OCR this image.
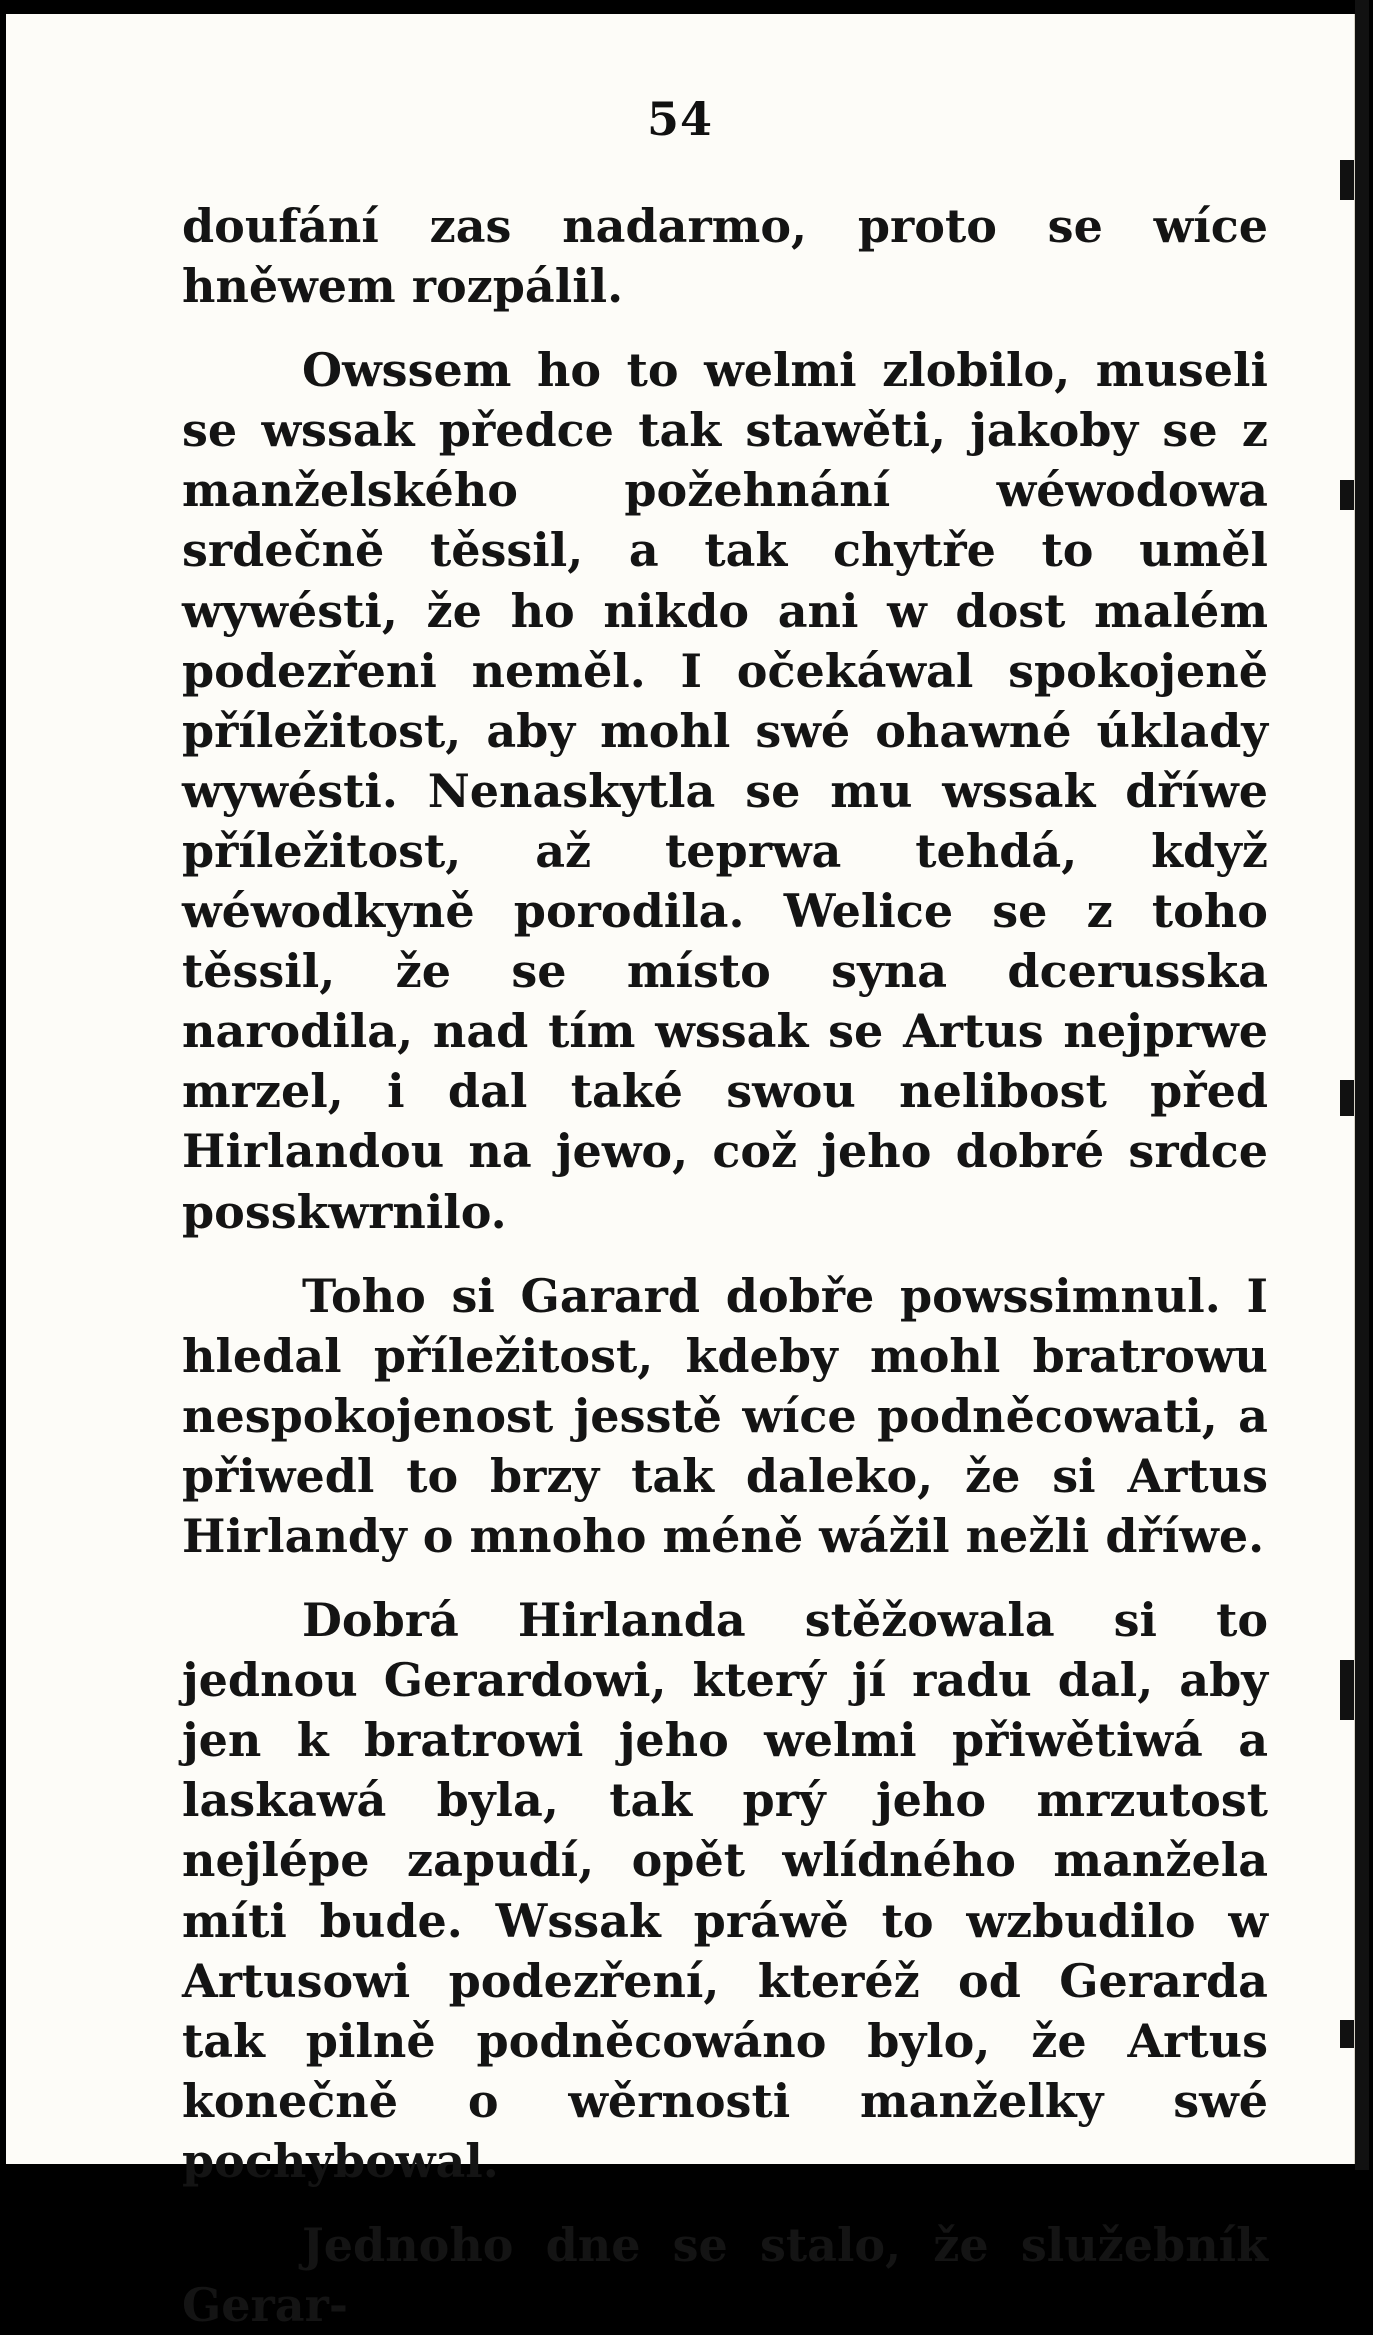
54

doufání zas nadarmo, proto se wíce hněwem rozpálil.

Owssem ho to welmi zlobilo, museli se wssak předce tak stawěti, jakoby se z manželského požehnání wéwodowa srdečně těssil, a tak chytře to uměl wywésti, že ho nikdo ani w dost malém podezřeni neměl. I očekáwal spokojeně příležitost, aby mohl swé ohawné úklady wywésti. Nenaskytla se mu wssak dříwe příležitost, až teprwa tehdá, když wéwodkyně porodila. Welice se z toho těssil, že se místo syna dcerusska narodila, nad tím wssak se Artus nejprwe mrzel, i dal také swou nelibost před Hirlandou na jewo, což jeho dobré srdce posskwrnilo.

Toho si Garard dobře powssimnul. I hledal příležitost, kdeby mohl bratrowu nespokojenost jesstě wíce podněcowati, a přiwedl to brzy tak daleko, že si Artus Hirlandy o mnoho méně wážil nežli dříwe.

Dobrá Hirlanda stěžowala si to jednou Gerardowi, který jí radu dal, aby jen k bratrowi jeho welmi přiwětiwá a laskawá byla, tak prý jeho mrzutost nejlépe zapudí, opět wlídného manžela míti bude. Wssak práwě to wzbudilo w Artusowi podezření, kteréž od Gerarda tak pilně podněcowáno bylo, že Artus konečně o wěrnosti manželky swé pochybowal.

Jednoho dne se stalo, že služebník Gerar-
